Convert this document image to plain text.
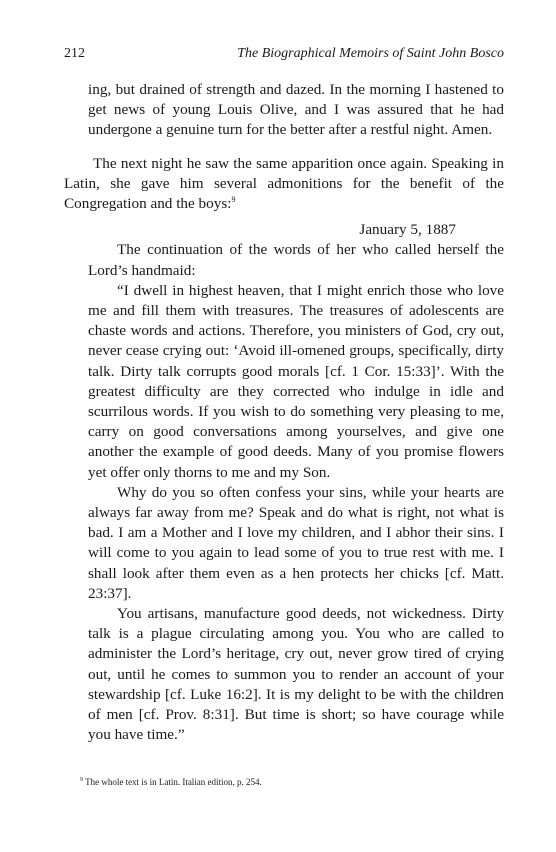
212	The Biographical Memoirs of Saint John Bosco

ing, but drained of strength and dazed. In the morning I hastened to get news of young Louis Olive, and I was assured that he had undergone a genuine turn for the better after a restful night. Amen.

The next night he saw the same apparition once again. Speaking in Latin, she gave him several admonitions for the benefit of the Congregation and the boys:$^9$

January 5, 1887

The continuation of the words of her who called herself the Lord’s handmaid:

“I dwell in highest heaven, that I might enrich those who love me and fill them with treasures. The treasures of adolescents are chaste words and actions. Therefore, you ministers of God, cry out, never cease crying out: ‘Avoid ill-omened groups, specifically, dirty talk. Dirty talk corrupts good morals [cf. 1 Cor. 15:33]’. With the greatest difficulty are they corrected who indulge in idle and scurrilous words. If you wish to do something very pleasing to me, carry on good conversations among yourselves, and give one another the example of good deeds. Many of you promise flowers yet offer only thorns to me and my Son.

Why do you so often confess your sins, while your hearts are always far away from me? Speak and do what is right, not what is bad. I am a Mother and I love my children, and I abhor their sins. I will come to you again to lead some of you to true rest with me. I shall look after them even as a hen protects her chicks [cf. Matt. 23:37].

You artisans, manufacture good deeds, not wickedness. Dirty talk is a plague circulating among you. You who are called to administer the Lord’s heritage, cry out, never grow tired of crying out, until he comes to summon you to render an account of your stewardship [cf. Luke 16:2]. It is my delight to be with the children of men [cf. Prov. 8:31]. But time is short; so have courage while you have time.”

$^9$ The whole text is in Latin. Italian edition, p. 254.
